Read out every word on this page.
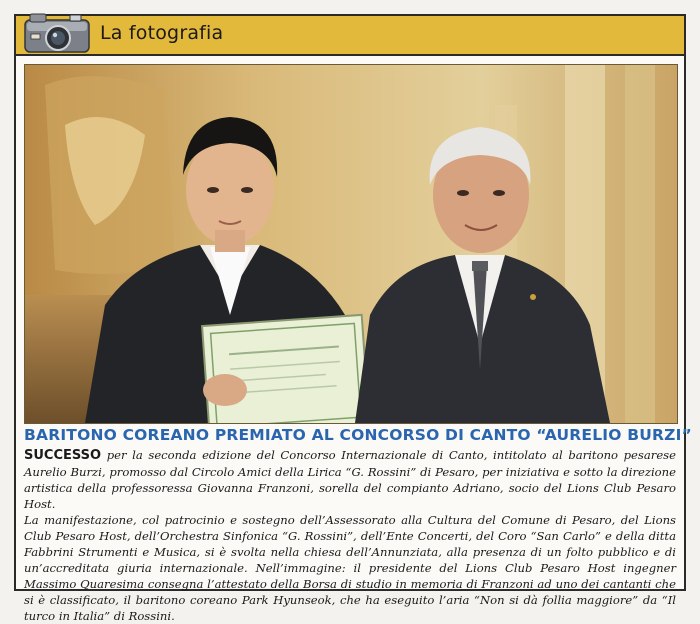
La fotografia
BARITONO COREANO PREMIATO AL CONCORSO DI CANTO “AURELIO BURZI”

SUCCESSO per la seconda edizione del Concorso Internazionale di Canto, intitolato al baritono pesarese Aurelio Burzi, promosso dal Circolo Amici della Lirica “G. Rossini” di Pesaro, per iniziativa e sotto la direzione artistica della professoressa Giovanna Franzoni, sorella del compianto Adriano, socio del Lions Club Pesaro Host.

La manifestazione, col patrocinio e sostegno dell’Assessorato alla Cultura del Comune di Pesaro, del Lions Club Pesaro Host, dell’Orchestra Sinfonica “G. Rossini”, dell’Ente Concerti, del Coro “San Carlo” e della ditta Fabbrini Strumenti e Musica, si è svolta nella chiesa dell’Annunziata, alla presenza di un folto pubblico e di un’accreditata giuria internazionale. Nell’immagine: il presidente del Lions Club Pesaro Host ingegner Massimo Quaresima consegna l’attestato della Borsa di studio in memoria di Franzoni ad uno dei cantanti che si è classificato, il baritono coreano Park Hyunseok, che ha eseguito l’aria “Non si dà follia maggiore” da “Il turco in Italia” di Rossini.
